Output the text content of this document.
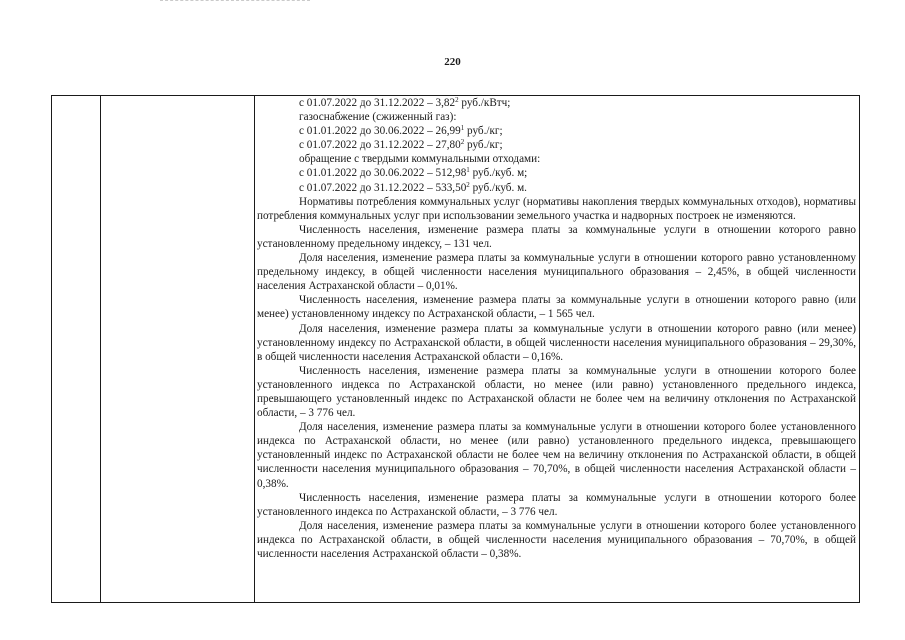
220
с 01.07.2022 до 31.12.2022 – 3,82$^2$ руб./кВтч;
газоснабжение (сжиженный газ):
с 01.01.2022 до 30.06.2022 – 26,99$^1$ руб./кг;
с 01.07.2022 до 31.12.2022 – 27,80$^2$ руб./кг;
обращение с твердыми коммунальными отходами:
с 01.01.2022 до 30.06.2022 – 512,98$^1$ руб./куб. м;
с 01.07.2022 до 31.12.2022 – 533,50$^2$ руб./куб. м.
Нормативы потребления коммунальных услуг (нормативы накопления твердых коммунальных отходов), нормативы потребления коммунальных услуг при использовании земельного участка и надворных построек не изменяются.
Численность населения, изменение размера платы за коммунальные услуги в отношении которого равно установленному предельному индексу, – 131 чел.
Доля населения, изменение размера платы за коммунальные услуги в отношении которого равно установленному предельному индексу, в общей численности населения муниципального образования – 2,45%, в общей численности населения Астраханской области – 0,01%.
Численность населения, изменение размера платы за коммунальные услуги в отношении которого равно (или менее) установленному индексу по Астраханской области, – 1 565 чел.
Доля населения, изменение размера платы за коммунальные услуги в отношении которого равно (или менее) установленному индексу по Астраханской области, в общей численности населения муниципального образования – 29,30%, в общей численности населения Астраханской области – 0,16%.
Численность населения, изменение размера платы за коммунальные услуги в отношении которого более установленного индекса по Астраханской области, но менее (или равно) установленного предельного индекса, превышающего установленный индекс по Астраханской области не более чем на величину отклонения по Астраханской области, – 3 776 чел.
Доля населения, изменение размера платы за коммунальные услуги в отношении которого более установленного индекса по Астраханской области, но менее (или равно) установленного предельного индекса, превышающего установленный индекс по Астраханской области не более чем на величину отклонения по Астраханской области, в общей численности населения муниципального образования – 70,70%, в общей численности населения Астраханской области – 0,38%.
Численность населения, изменение размера платы за коммунальные услуги в отношении которого более установленного индекса по Астраханской области, – 3 776 чел.
Доля населения, изменение размера платы за коммунальные услуги в отношении которого более установленного индекса по Астраханской области, в общей численности населения муниципального образования – 70,70%, в общей численности населения Астраханской области – 0,38%.
